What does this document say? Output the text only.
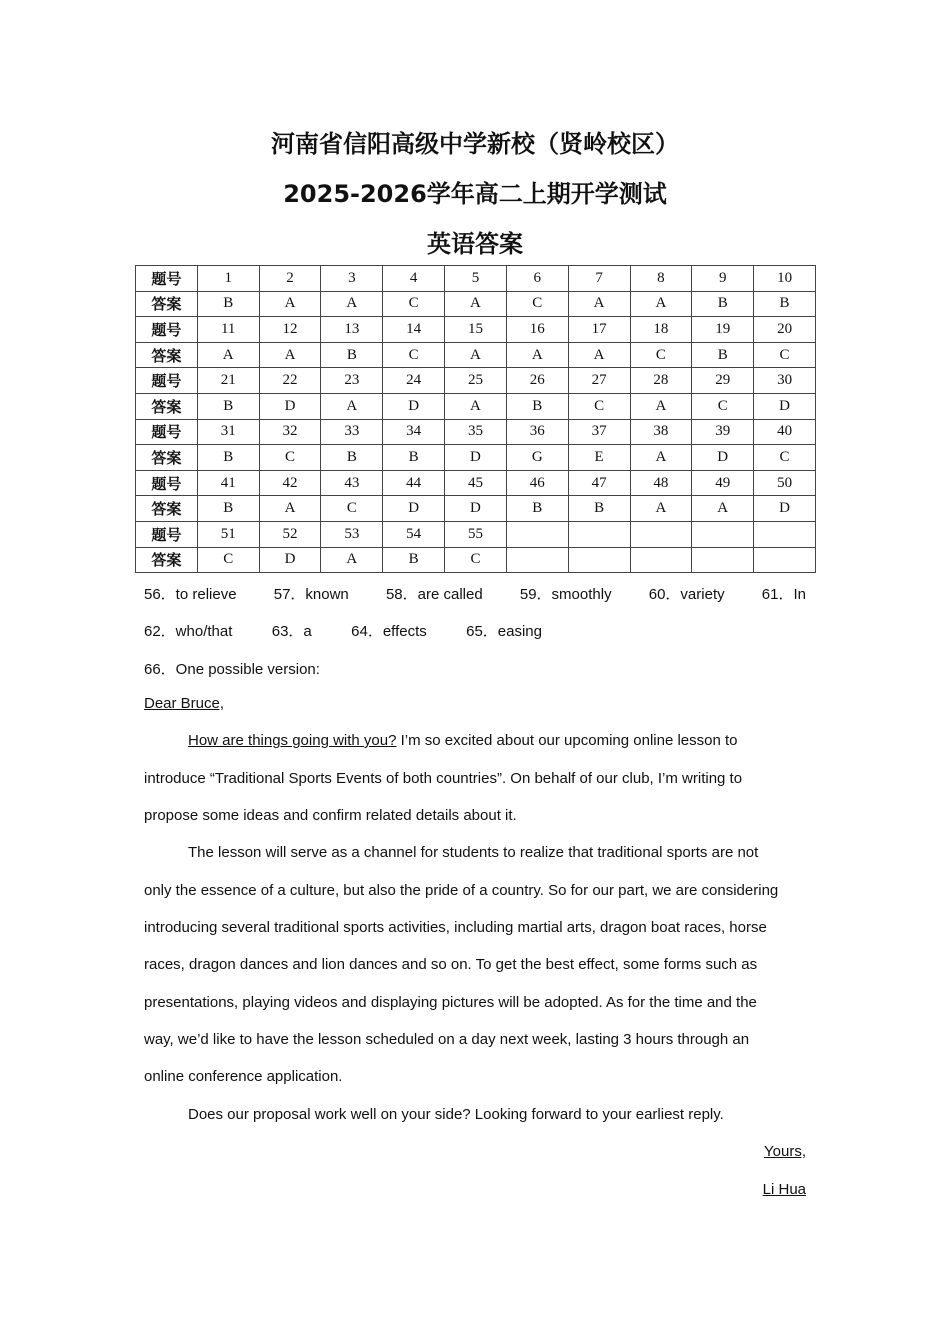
河南省信阳高级中学新校（贤岭校区）
2025-2026学年高二上期开学测试
英语答案
题号	1	2	3	4	5	6	7	8	9	10
答案	B	A	A	C	A	C	A	A	B	B
题号	11	12	13	14	15	16	17	18	19	20
答案	A	A	B	C	A	A	A	C	B	C
题号	21	22	23	24	25	26	27	28	29	30
答案	B	D	A	D	A	B	C	A	C	D
题号	31	32	33	34	35	36	37	38	39	40
答案	B	C	B	B	D	G	E	A	D	C
题号	41	42	43	44	45	46	47	48	49	50
答案	B	A	C	D	D	B	B	A	A	D
题号	51	52	53	54	55					
答案	C	D	A	B	C					
56．to relieve 57．known 58．are called 59．smoothly 60．variety 61．In
62．who/that	63．a	64．effects	65．easing
66．One possible version:
Dear Bruce,
How are things going with you? I’m so excited about our upcoming online lesson to
introduce “Traditional Sports Events of both countries”. On behalf of our club, I’m writing to
propose some ideas and confirm related details about it.
The lesson will serve as a channel for students to realize that traditional sports are not
only the essence of a culture, but also the pride of a country. So for our part, we are considering
introducing several traditional sports activities, including martial arts, dragon boat races, horse
races, dragon dances and lion dances and so on. To get the best effect, some forms such as
presentations, playing videos and displaying pictures will be adopted. As for the time and the
way, we’d like to have the lesson scheduled on a day next week, lasting 3 hours through an
online conference application.
Does our proposal work well on your side? Looking forward to your earliest reply.
Yours,
Li Hua
